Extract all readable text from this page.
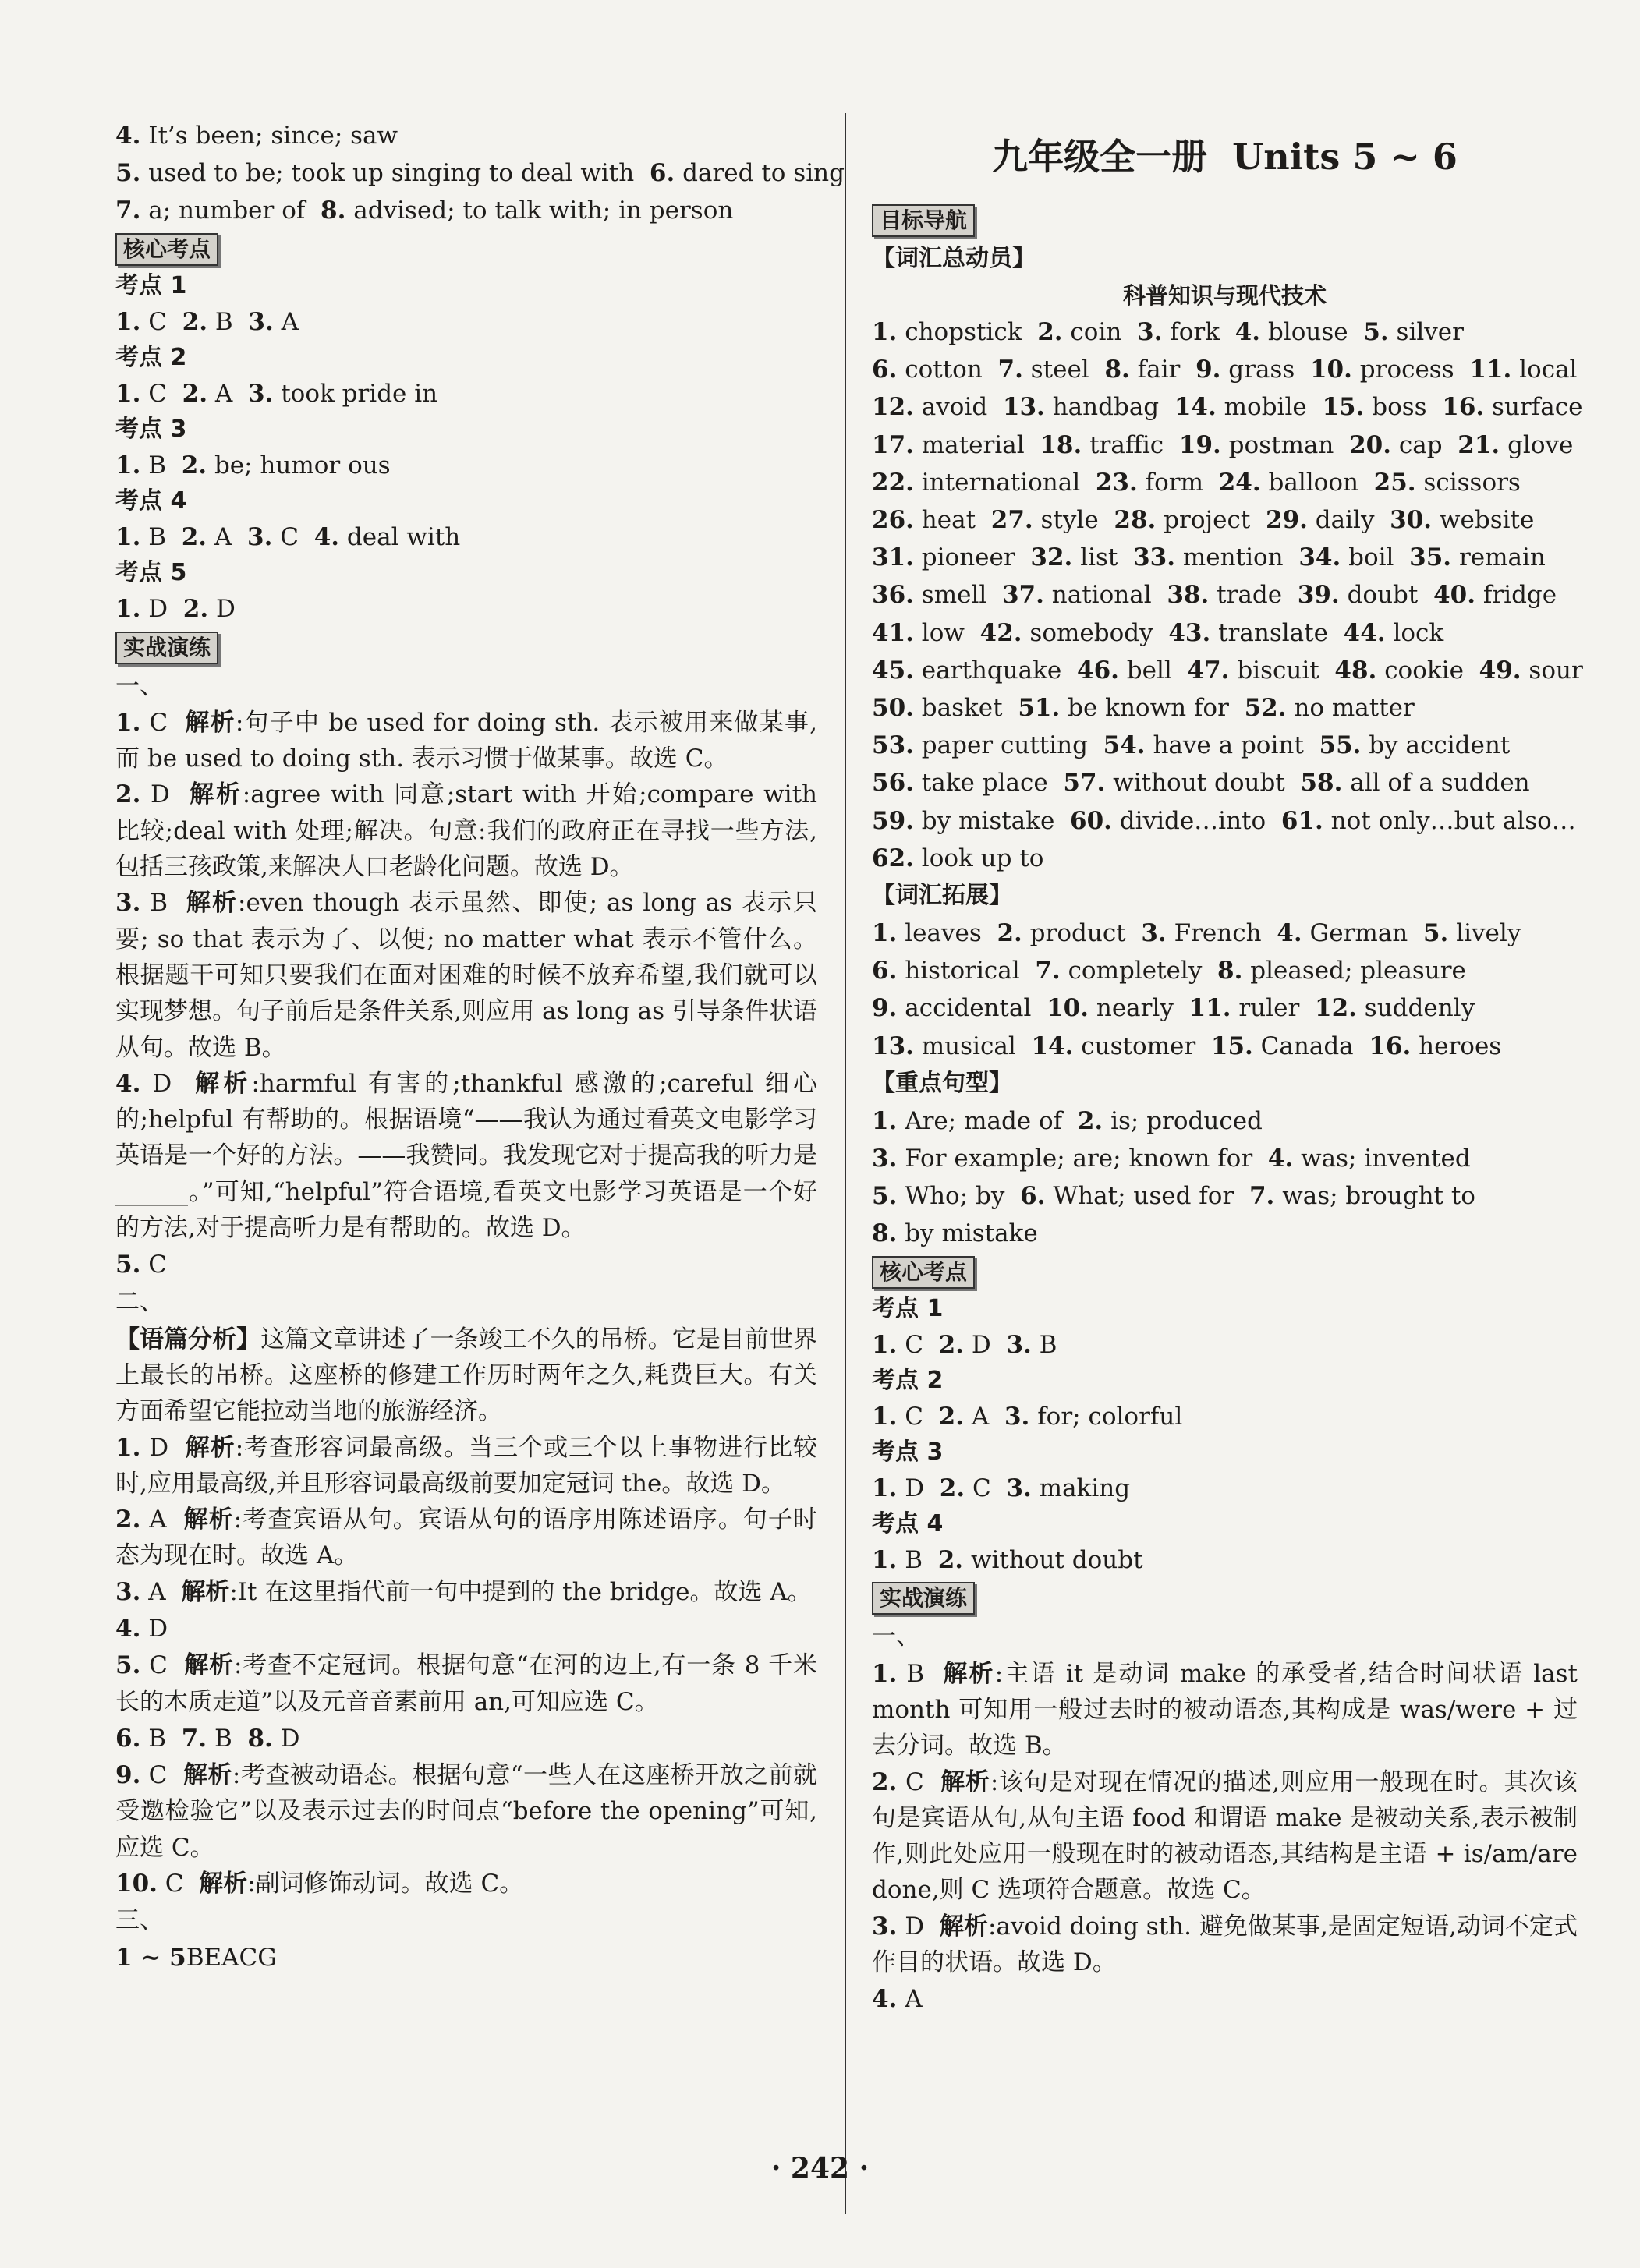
4. It’s been; since; saw
5. used to be; took up singing to deal with  6. dared to sing
7. a; number of  8. advised; to talk with; in person
核心考点
考点 1
1. C  2. B  3. A
考点 2
1. C  2. A  3. took pride in
考点 3
1. B  2. be; humor ous
考点 4
1. B  2. A  3. C  4. deal with
考点 5
1. D  2. D
实战演练
一、
1. C  解析:句子中 be used for doing sth. 表示被用来做某事,而 be used to doing sth. 表示习惯于做某事。故选 C。
2. D  解析:agree with 同意;start with 开始;compare with 比较;deal with 处理;解决。句意:我们的政府正在寻找一些方法,包括三孩政策,来解决人口老龄化问题。故选 D。
3. B  解析:even though 表示虽然、即使; as long as 表示只要; so that 表示为了、以便; no matter what 表示不管什么。根据题干可知只要我们在面对困难的时候不放弃希望,我们就可以实现梦想。句子前后是条件关系,则应用 as long as 引导条件状语从句。故选 B。
4. D  解析:harmful 有害的;thankful 感激的;careful 细心的;helpful 有帮助的。根据语境“——我认为通过看英文电影学习英语是一个好的方法。——我赞同。我发现它对于提高我的听力是______。”可知,“helpful”符合语境,看英文电影学习英语是一个好的方法,对于提高听力是有帮助的。故选 D。
5. C
二、
【语篇分析】这篇文章讲述了一条竣工不久的吊桥。它是目前世界上最长的吊桥。这座桥的修建工作历时两年之久,耗费巨大。有关方面希望它能拉动当地的旅游经济。
1. D  解析:考查形容词最高级。当三个或三个以上事物进行比较时,应用最高级,并且形容词最高级前要加定冠词 the。故选 D。
2. A  解析:考查宾语从句。宾语从句的语序用陈述语序。句子时态为现在时。故选 A。
3. A  解析:It 在这里指代前一句中提到的 the bridge。故选 A。
4. D
5. C  解析:考查不定冠词。根据句意“在河的边上,有一条 8 千米长的木质走道”以及元音音素前用 an,可知应选 C。
6. B  7. B  8. D
9. C  解析:考查被动语态。根据句意“一些人在这座桥开放之前就受邀检验它”以及表示过去的时间点“before the opening”可知,应选 C。
10. C  解析:副词修饰动词。故选 C。
三、
1 ~ 5BEACG
九年级全一册  Units 5 ~ 6
目标导航
【词汇总动员】
科普知识与现代技术
1. chopstick  2. coin  3. fork  4. blouse  5. silver
6. cotton  7. steel  8. fair  9. grass  10. process  11. local
12. avoid  13. handbag  14. mobile  15. boss  16. surface
17. material  18. traffic  19. postman  20. cap  21. glove
22. international  23. form  24. balloon  25. scissors
26. heat  27. style  28. project  29. daily  30. website
31. pioneer  32. list  33. mention  34. boil  35. remain
36. smell  37. national  38. trade  39. doubt  40. fridge
41. low  42. somebody  43. translate  44. lock
45. earthquake  46. bell  47. biscuit  48. cookie  49. sour
50. basket  51. be known for  52. no matter
53. paper cutting  54. have a point  55. by accident
56. take place  57. without doubt  58. all of a sudden
59. by mistake  60. divide…into  61. not only…but also…
62. look up to
【词汇拓展】
1. leaves  2. product  3. French  4. German  5. lively
6. historical  7. completely  8. pleased; pleasure
9. accidental  10. nearly  11. ruler  12. suddenly
13. musical  14. customer  15. Canada  16. heroes
【重点句型】
1. Are; made of  2. is; produced
3. For example; are; known for  4. was; invented
5. Who; by  6. What; used for  7. was; brought to
8. by mistake
核心考点
考点 1
1. C  2. D  3. B
考点 2
1. C  2. A  3. for; colorful
考点 3
1. D  2. C  3. making
考点 4
1. B  2. without doubt
实战演练
一、
1. B  解析:主语 it 是动词 make 的承受者,结合时间状语 last month 可知用一般过去时的被动语态,其构成是 was/were + 过去分词。故选 B。
2. C  解析:该句是对现在情况的描述,则应用一般现在时。其次该句是宾语从句,从句主语 food 和谓语 make 是被动关系,表示被制作,则此处应用一般现在时的被动语态,其结构是主语 + is/am/are done,则 C 选项符合题意。故选 C。
3. D  解析:avoid doing sth. 避免做某事,是固定短语,动词不定式作目的状语。故选 D。
4. A
· 242 ·
